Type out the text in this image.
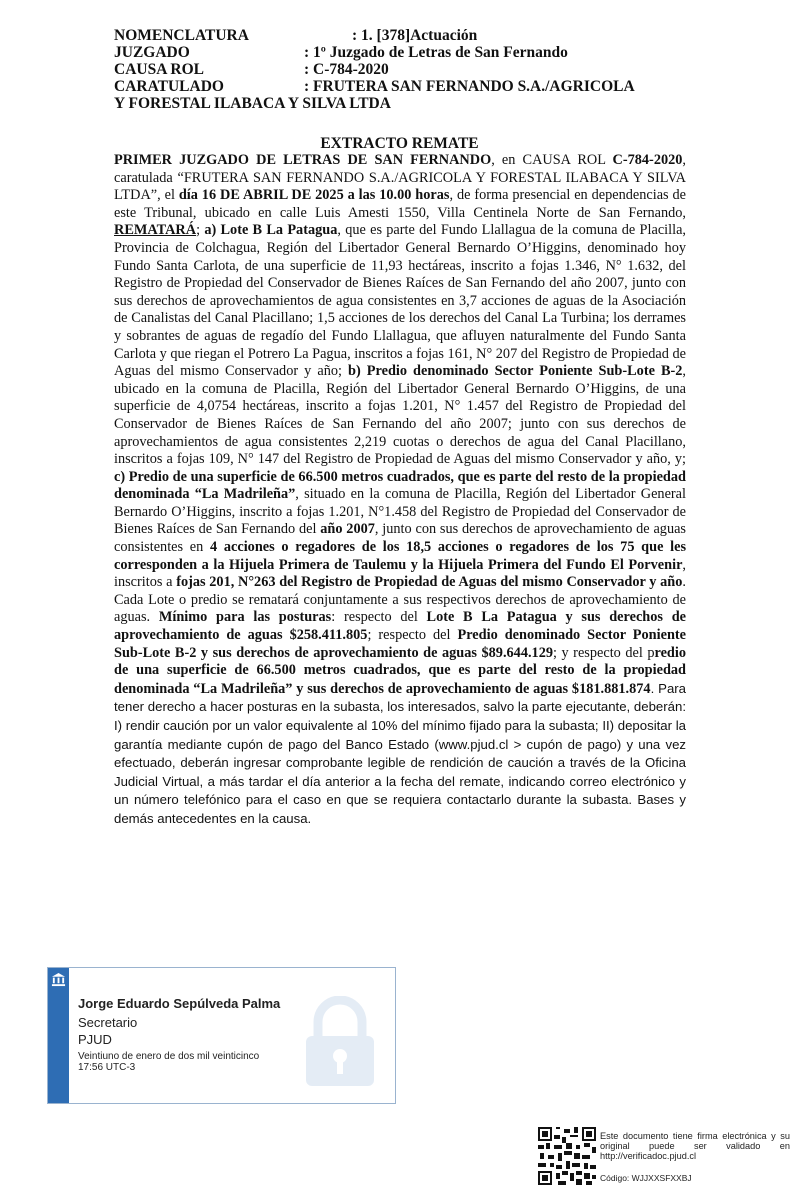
NOMENCLATURA	: 1. [378]Actuación
JUZGADO	: 1º Juzgado de Letras de San Fernando
CAUSA ROL	: C-784-2020
CARATULADO	: FRUTERA SAN FERNANDO S.A./AGRICOLA
Y FORESTAL ILABACA Y SILVA LTDA
EXTRACTO REMATE
PRIMER JUZGADO DE LETRAS DE SAN FERNANDO, en CAUSA ROL C-784-2020, caratulada “FRUTERA SAN FERNANDO S.A./AGRICOLA Y FORESTAL ILABACA Y SILVA LTDA”, el día 16 DE ABRIL DE 2025 a las 10.00 horas, de forma presencial en dependencias de este Tribunal, ubicado en calle Luis Amesti 1550, Villa Centinela Norte de San Fernando, REMATARÁ; a) Lote B La Patagua, que es parte del Fundo Llallagua de la comuna de Placilla, Provincia de Colchagua, Región del Libertador General Bernardo O’Higgins, denominado hoy Fundo Santa Carlota, de una superficie de 11,93 hectáreas, inscrito a fojas 1.346, N° 1.632, del Registro de Propiedad del Conservador de Bienes Raíces de San Fernando del año 2007, junto con sus derechos de aprovechamientos de agua consistentes en 3,7 acciones de aguas de la Asociación de Canalistas del Canal Placillano; 1,5 acciones de los derechos del Canal La Turbina; los derrames y sobrantes de aguas de regadío del Fundo Llallagua, que afluyen naturalmente del Fundo Santa Carlota y que riegan el Potrero La Pagua, inscritos a fojas 161, N° 207 del Registro de Propiedad de Aguas del mismo Conservador y año; b) Predio denominado Sector Poniente Sub-Lote B-2, ubicado en la comuna de Placilla, Región del Libertador General Bernardo O’Higgins, de una superficie de 4,0754 hectáreas, inscrito a fojas 1.201, N° 1.457 del Registro de Propiedad del Conservador de Bienes Raíces de San Fernando del año 2007; junto con sus derechos de aprovechamientos de agua consistentes 2,219 cuotas o derechos de agua del Canal Placillano, inscritos a fojas 109, N° 147 del Registro de Propiedad de Aguas del mismo Conservador y año, y; c) Predio de una superficie de 66.500 metros cuadrados, que es parte del resto de la propiedad denominada “La Madrileña”, situado en la comuna de Placilla, Región del Libertador General Bernardo O’Higgins, inscrito a fojas 1.201, N°1.458 del Registro de Propiedad del Conservador de Bienes Raíces de San Fernando del año 2007, junto con sus derechos de aprovechamiento de aguas consistentes en 4 acciones o regadores de los 18,5 acciones o regadores de los 75 que les corresponden a la Hijuela Primera de Taulemu y la Hijuela Primera del Fundo El Porvenir, inscritos a fojas 201, N°263 del Registro de Propiedad de Aguas del mismo Conservador y año. Cada Lote o predio se rematará conjuntamente a sus respectivos derechos de aprovechamiento de aguas. Mínimo para las posturas: respecto del Lote B La Patagua y sus derechos de aprovechamiento de aguas $258.411.805; respecto del Predio denominado Sector Poniente Sub-Lote B-2 y sus derechos de aprovechamiento de aguas $89.644.129; y respecto del predio de una superficie de 66.500 metros cuadrados, que es parte del resto de la propiedad denominada “La Madrileña” y sus derechos de aprovechamiento de aguas $181.881.874. Para tener derecho a hacer posturas en la subasta, los interesados, salvo la parte ejecutante, deberán: I) rendir caución por un valor equivalente al 10% del mínimo fijado para la subasta; II) depositar la garantía mediante cupón de pago del Banco Estado (www.pjud.cl > cupón de pago) y una vez efectuado, deberán ingresar comprobante legible de rendición de caución a través de la Oficina Judicial Virtual, a más tardar el día anterior a la fecha del remate, indicando correo electrónico y un número telefónico para el caso en que se requiera contactarlo durante la subasta. Bases y demás antecedentes en la causa.
Jorge Eduardo Sepúlveda Palma
Secretario
PJUD
Veintiuno de enero de dos mil veinticinco
17:56 UTC-3
Este documento tiene firma electrónica y su original puede ser validado en http://verificadoc.pjud.cl
Código: WJJXXSFXXBJ
